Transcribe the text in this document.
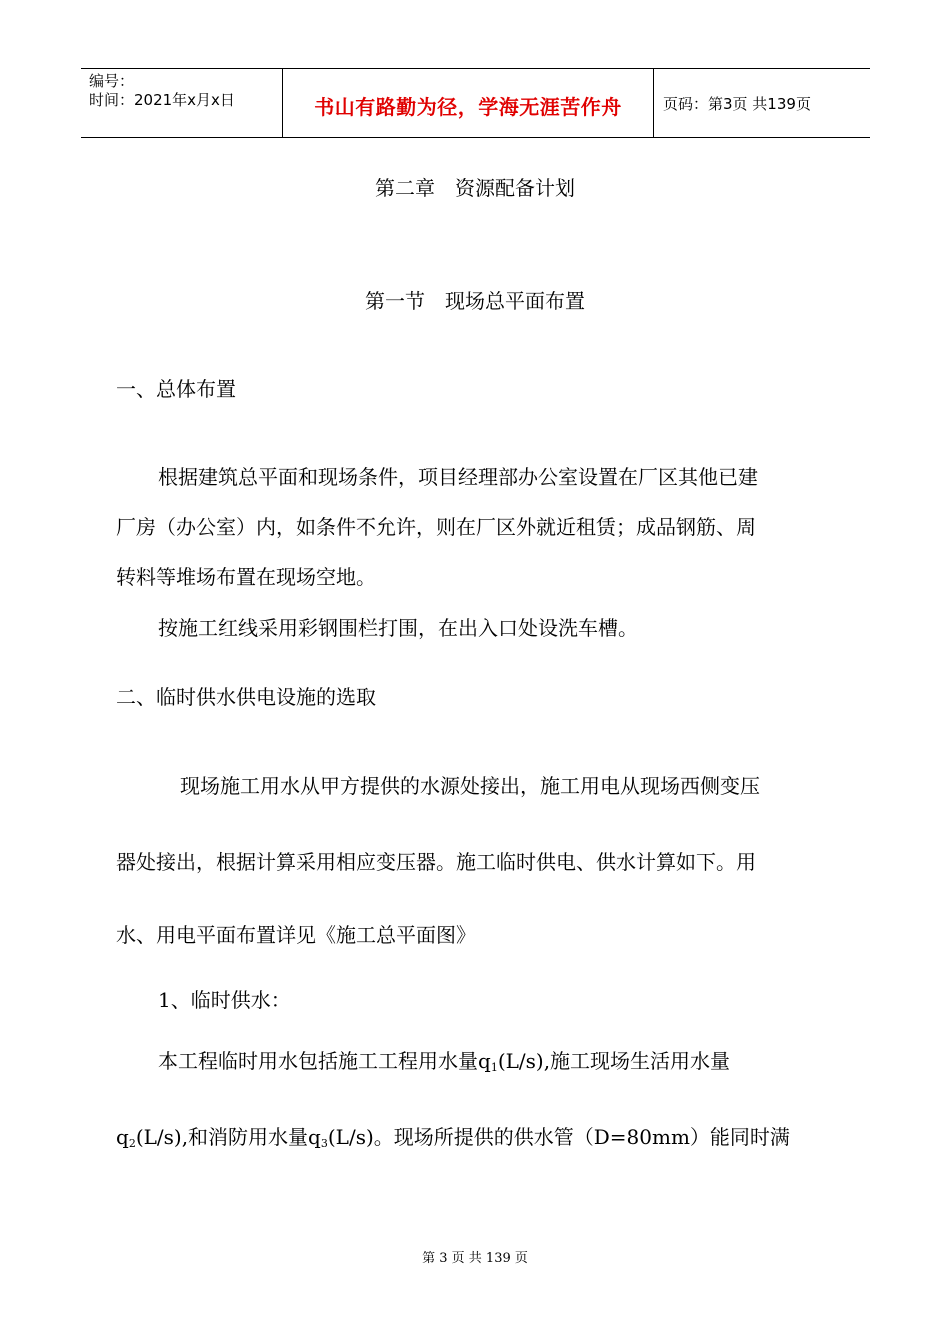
编号：
时间：2021年x月x日	书山有路勤为径，学海无涯苦作舟	页码：第3页 共139页
第二章　资源配备计划
第一节　现场总平面布置
一、总体布置
根据建筑总平面和现场条件，项目经理部办公室设置在厂区其他已建
厂房（办公室）内，如条件不允许，则在厂区外就近租赁；成品钢筋、周
转料等堆场布置在现场空地。
按施工红线采用彩钢围栏打围，在出入口处设洗车槽。
二、临时供水供电设施的选取
现场施工用水从甲方提供的水源处接出，施工用电从现场西侧变压
器处接出，根据计算采用相应变压器。施工临时供电、供水计算如下。用
水、用电平面布置详见《施工总平面图》
1、临时供水：
本工程临时用水包括施工工程用水量q1(L/s),施工现场生活用水量
q2(L/s),和消防用水量q3(L/s)。现场所提供的供水管（D=80mm）能同时满
第 3 页 共 139 页
